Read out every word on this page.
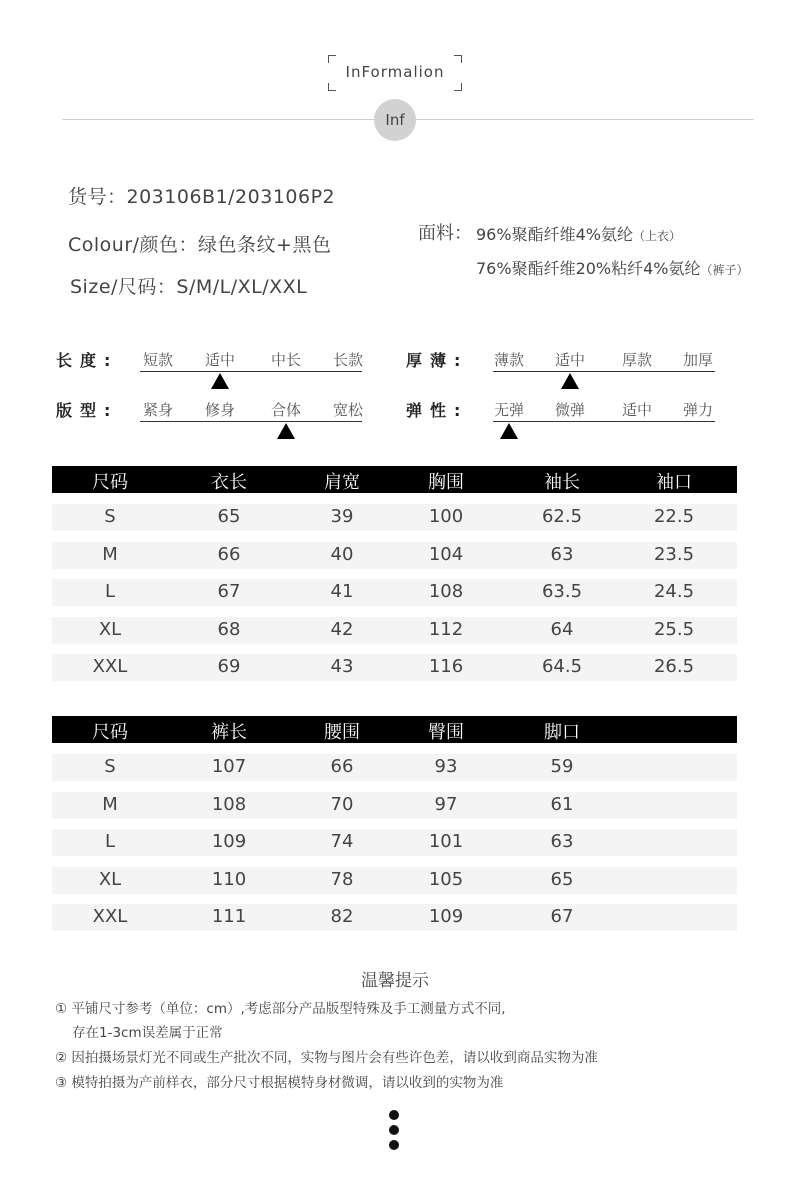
InFormalion
Inf
货号：203106B1/203106P2
Colour/颜色：绿色条纹+黑色
Size/尺码：S/M/L/XL/XXL
面料： 96%聚酯纤维4%氨纶（上衣）
76%聚酯纤维20%粘纤4%氨纶（裤子）
长度:	短款	适中	中长	长款	厚薄:	薄款	适中	厚款	加厚
版型:	紧身	修身	合体	宽松	弹性:	无弹	微弹	适中	弹力
尺码	衣长	肩宽	胸围	袖长	袖口
S	65	39	100	62.5	22.5
M	66	40	104	63	23.5
L	67	41	108	63.5	24.5
XL	68	42	112	64	25.5
XXL	69	43	116	64.5	26.5
尺码	裤长	腰围	臀围	脚口
S	107	66	93	59
M	108	70	97	61
L	109	74	101	63
XL	110	78	105	65
XXL	111	82	109	67
温馨提示
① 平铺尺寸参考（单位：cm）,考虑部分产品版型特殊及手工测量方式不同,
存在1-3cm误差属于正常
② 因拍摄场景灯光不同或生产批次不同，实物与图片会有些许色差，请以收到商品实物为准
③ 模特拍摄为产前样衣，部分尺寸根据模特身材微调，请以收到的实物为准
